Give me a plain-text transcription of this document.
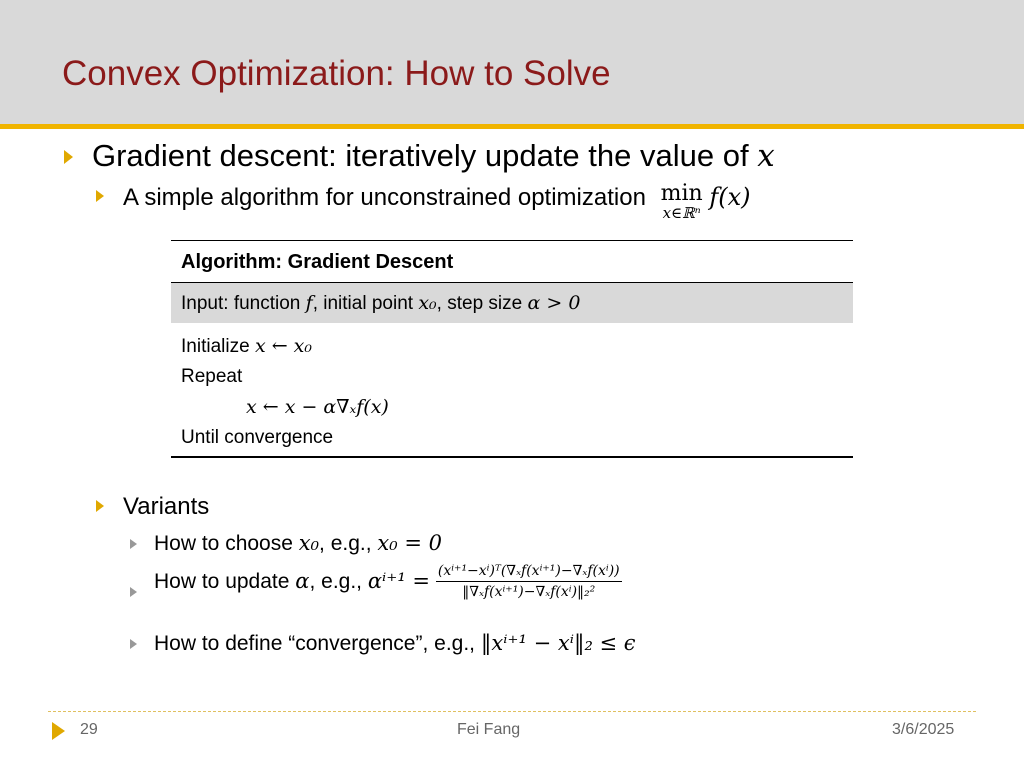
Convex Optimization: How to Solve
Gradient descent: iteratively update the value of x
A simple algorithm for unconstrained optimization min
x∈ℝⁿ
f(x)
Algorithm: Gradient Descent
Input: function f, initial point x₀, step size α > 0
Initialize x ← x₀
Repeat
x ← x − α∇ₓf(x)
Until convergence
Variants
How to choose x₀, e.g., x₀ = 0
How to update α, e.g., $\alpha^{i+1} = \frac{\text{(xⁱ⁺¹−xⁱ)ᵀ(∇ₓf(xⁱ⁺¹)−∇ₓf(xⁱ))}}{\text{‖∇ₓf(xⁱ⁺¹)−∇ₓf(xⁱ)‖₂²}}$
How to define “convergence”, e.g., ‖xⁱ⁺¹ − xⁱ‖₂ ≤ ϵ
29	Fei Fang	3/6/2025
